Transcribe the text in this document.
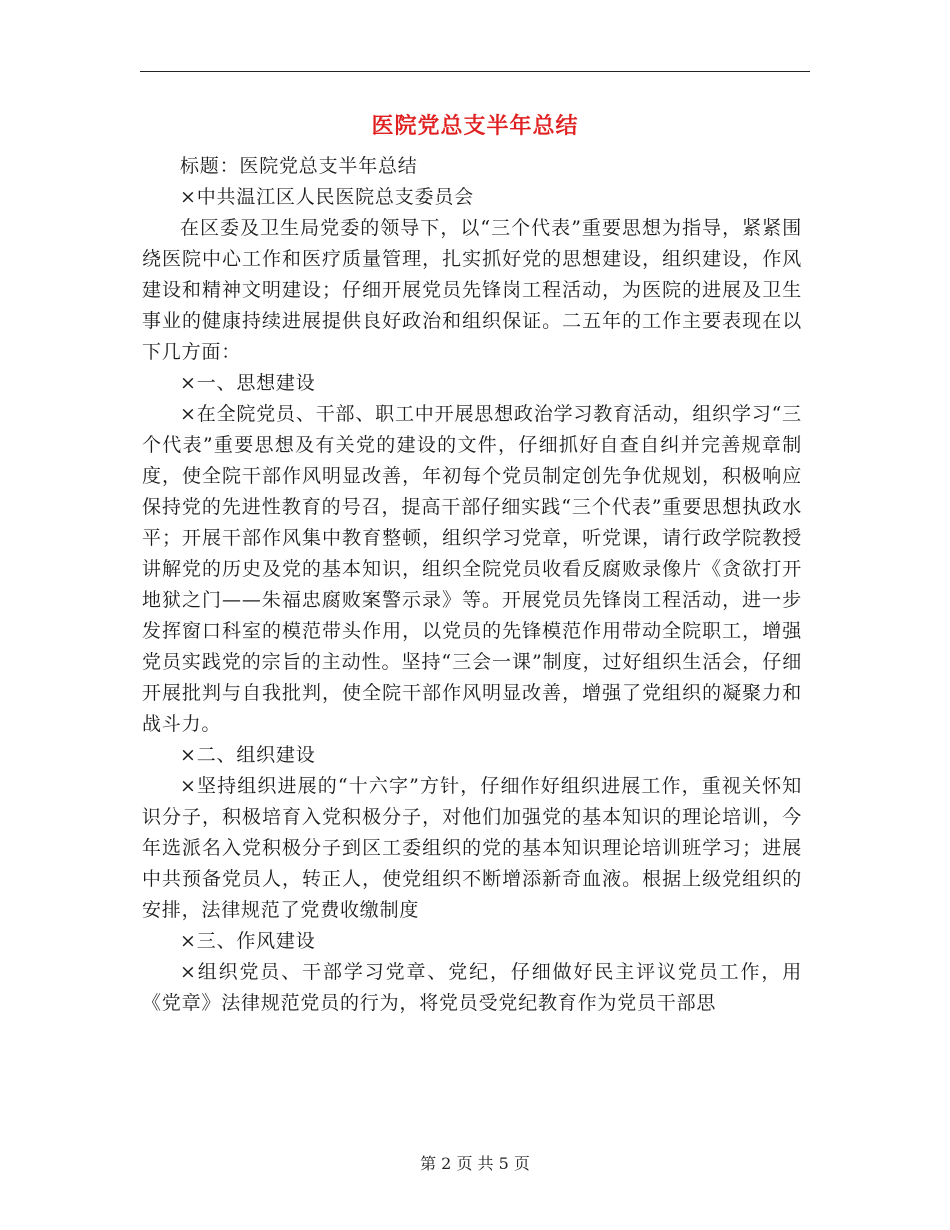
医院党总支半年总结

标题：医院党总支半年总结

×中共温江区人民医院总支委员会

在区委及卫生局党委的领导下，以“三个代表”重要思想为指导，紧紧围绕医院中心工作和医疗质量管理，扎实抓好党的思想建设，组织建设，作风建设和精神文明建设；仔细开展党员先锋岗工程活动，为医院的进展及卫生事业的健康持续进展提供良好政治和组织保证。二五年的工作主要表现在以下几方面：

×一、思想建设

×在全院党员、干部、职工中开展思想政治学习教育活动，组织学习“三个代表”重要思想及有关党的建设的文件，仔细抓好自查自纠并完善规章制度，使全院干部作风明显改善，年初每个党员制定创先争优规划，积极响应保持党的先进性教育的号召，提高干部仔细实践“三个代表”重要思想执政水平；开展干部作风集中教育整顿，组织学习党章，听党课，请行政学院教授讲解党的历史及党的基本知识，组织全院党员收看反腐败录像片《贪欲打开地狱之门——朱福忠腐败案警示录》等。开展党员先锋岗工程活动，进一步发挥窗口科室的模范带头作用，以党员的先锋模范作用带动全院职工，增强党员实践党的宗旨的主动性。坚持“三会一课”制度，过好组织生活会，仔细开展批判与自我批判，使全院干部作风明显改善，增强了党组织的凝聚力和战斗力。

×二、组织建设

×坚持组织进展的“十六字”方针，仔细作好组织进展工作，重视关怀知识分子，积极培育入党积极分子，对他们加强党的基本知识的理论培训，今年选派名入党积极分子到区工委组织的党的基本知识理论培训班学习；进展中共预备党员人，转正人，使党组织不断增添新奇血液。根据上级党组织的安排，法律规范了党费收缴制度

×三、作风建设

×组织党员、干部学习党章、党纪，仔细做好民主评议党员工作，用《党章》法律规范党员的行为，将党员受党纪教育作为党员干部思

第 2 页 共 5 页
